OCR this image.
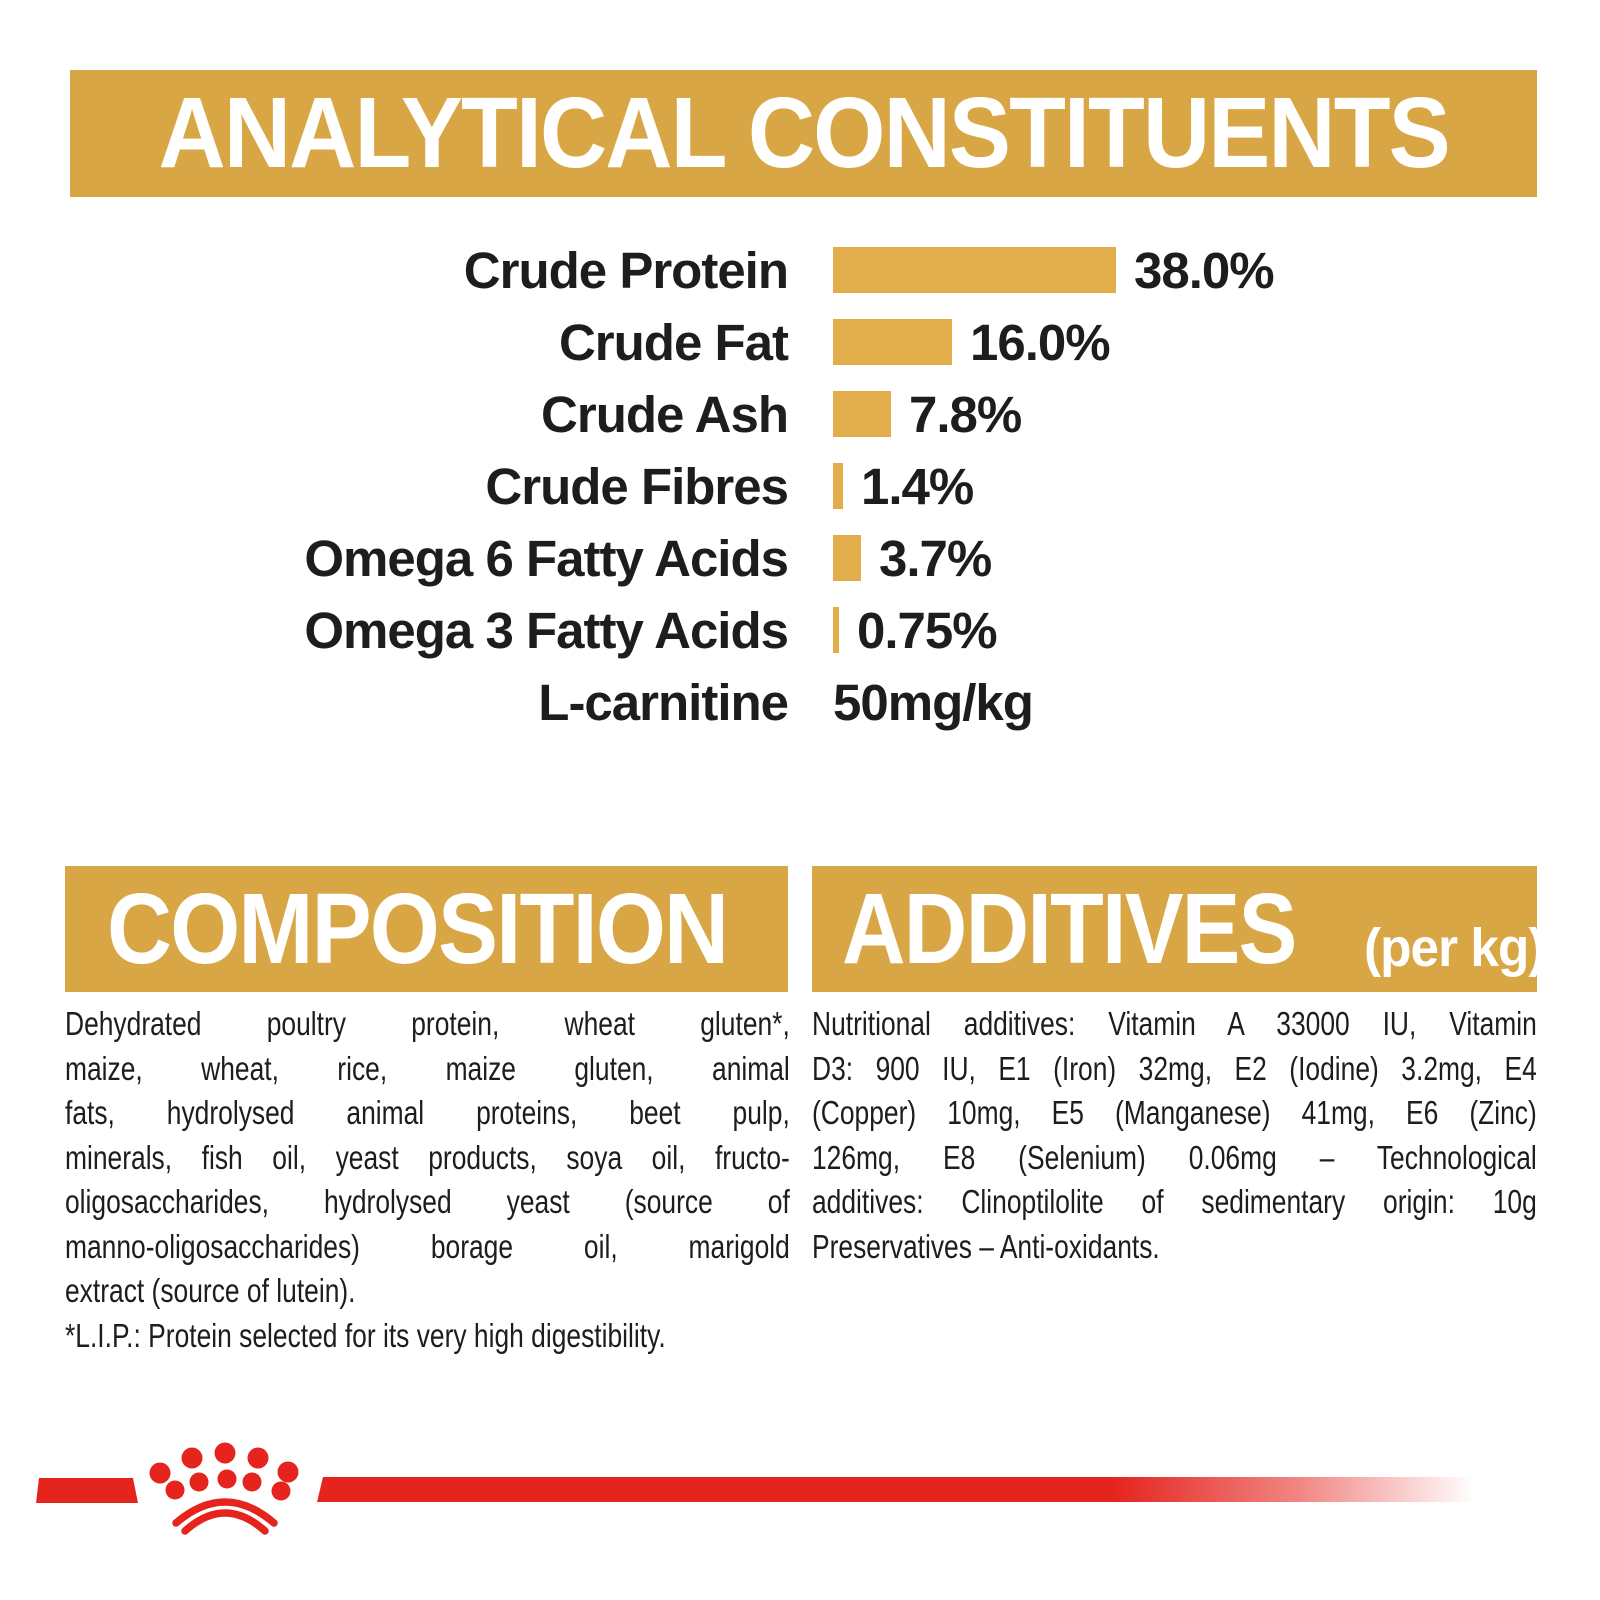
ANALYTICAL CONSTITUENTS
Crude Protein	38.0%
Crude Fat	16.0%
Crude Ash 7.8%
Crude Fibres 1.4%
Omega 6 Fatty Acids 3.7%
Omega 3 Fatty Acids 0.75%
L-carnitine 50mg/kg
COMPOSITION	ADDITIVES (per kg)
Dehydrated poultry protein, wheat gluten*,
maize, wheat, rice, maize gluten, animal
fats, hydrolysed animal proteins, beet pulp,
minerals, fish oil, yeast products, soya oil, fructo-
oligosaccharides, hydrolysed yeast (source of
manno-oligosaccharides) borage oil, marigold
extract (source of lutein).
*L.I.P.: Protein selected for its very high digestibility.
Nutritional additives: Vitamin A 33000 IU, Vitamin
D3: 900 IU, E1 (Iron) 32mg, E2 (Iodine) 3.2mg, E4
(Copper) 10mg, E5 (Manganese) 41mg, E6 (Zinc)
126mg, E8 (Selenium) 0.06mg – Technological
additives: Clinoptilolite of sedimentary origin: 10g
Preservatives – Anti-oxidants.
